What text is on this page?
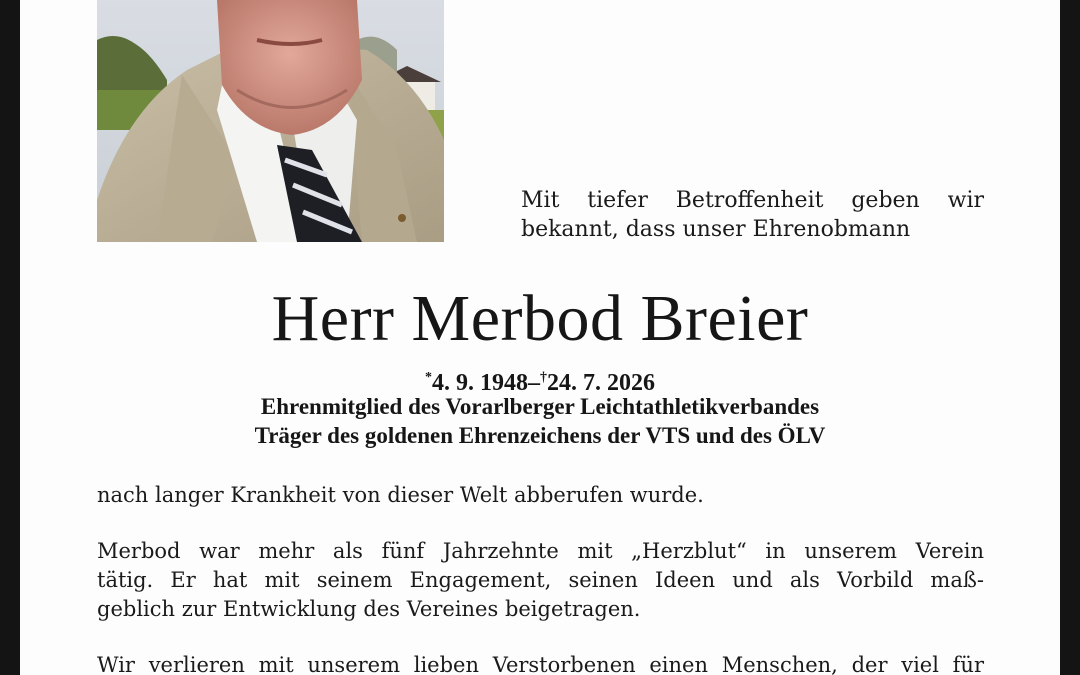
Mit tiefer Betroffenheit geben wir
bekannt, dass unser Ehrenobmann
Herr Merbod Breier
*4. 9. 1948–†24. 7. 2026
Ehrenmitglied des Vorarlberger Leichtathletikverbandes
Träger des goldenen Ehrenzeichens der VTS und des ÖLV
nach langer Krankheit von dieser Welt abberufen wurde.
Merbod war mehr als fünf Jahrzehnte mit „Herzblut“ in unserem Verein
tätig. Er hat mit seinem Engagement, seinen Ideen und als Vorbild maß-
geblich zur Entwicklung des Vereines beigetragen.
Wir verlieren mit unserem lieben Verstorbenen einen Menschen, der viel für
